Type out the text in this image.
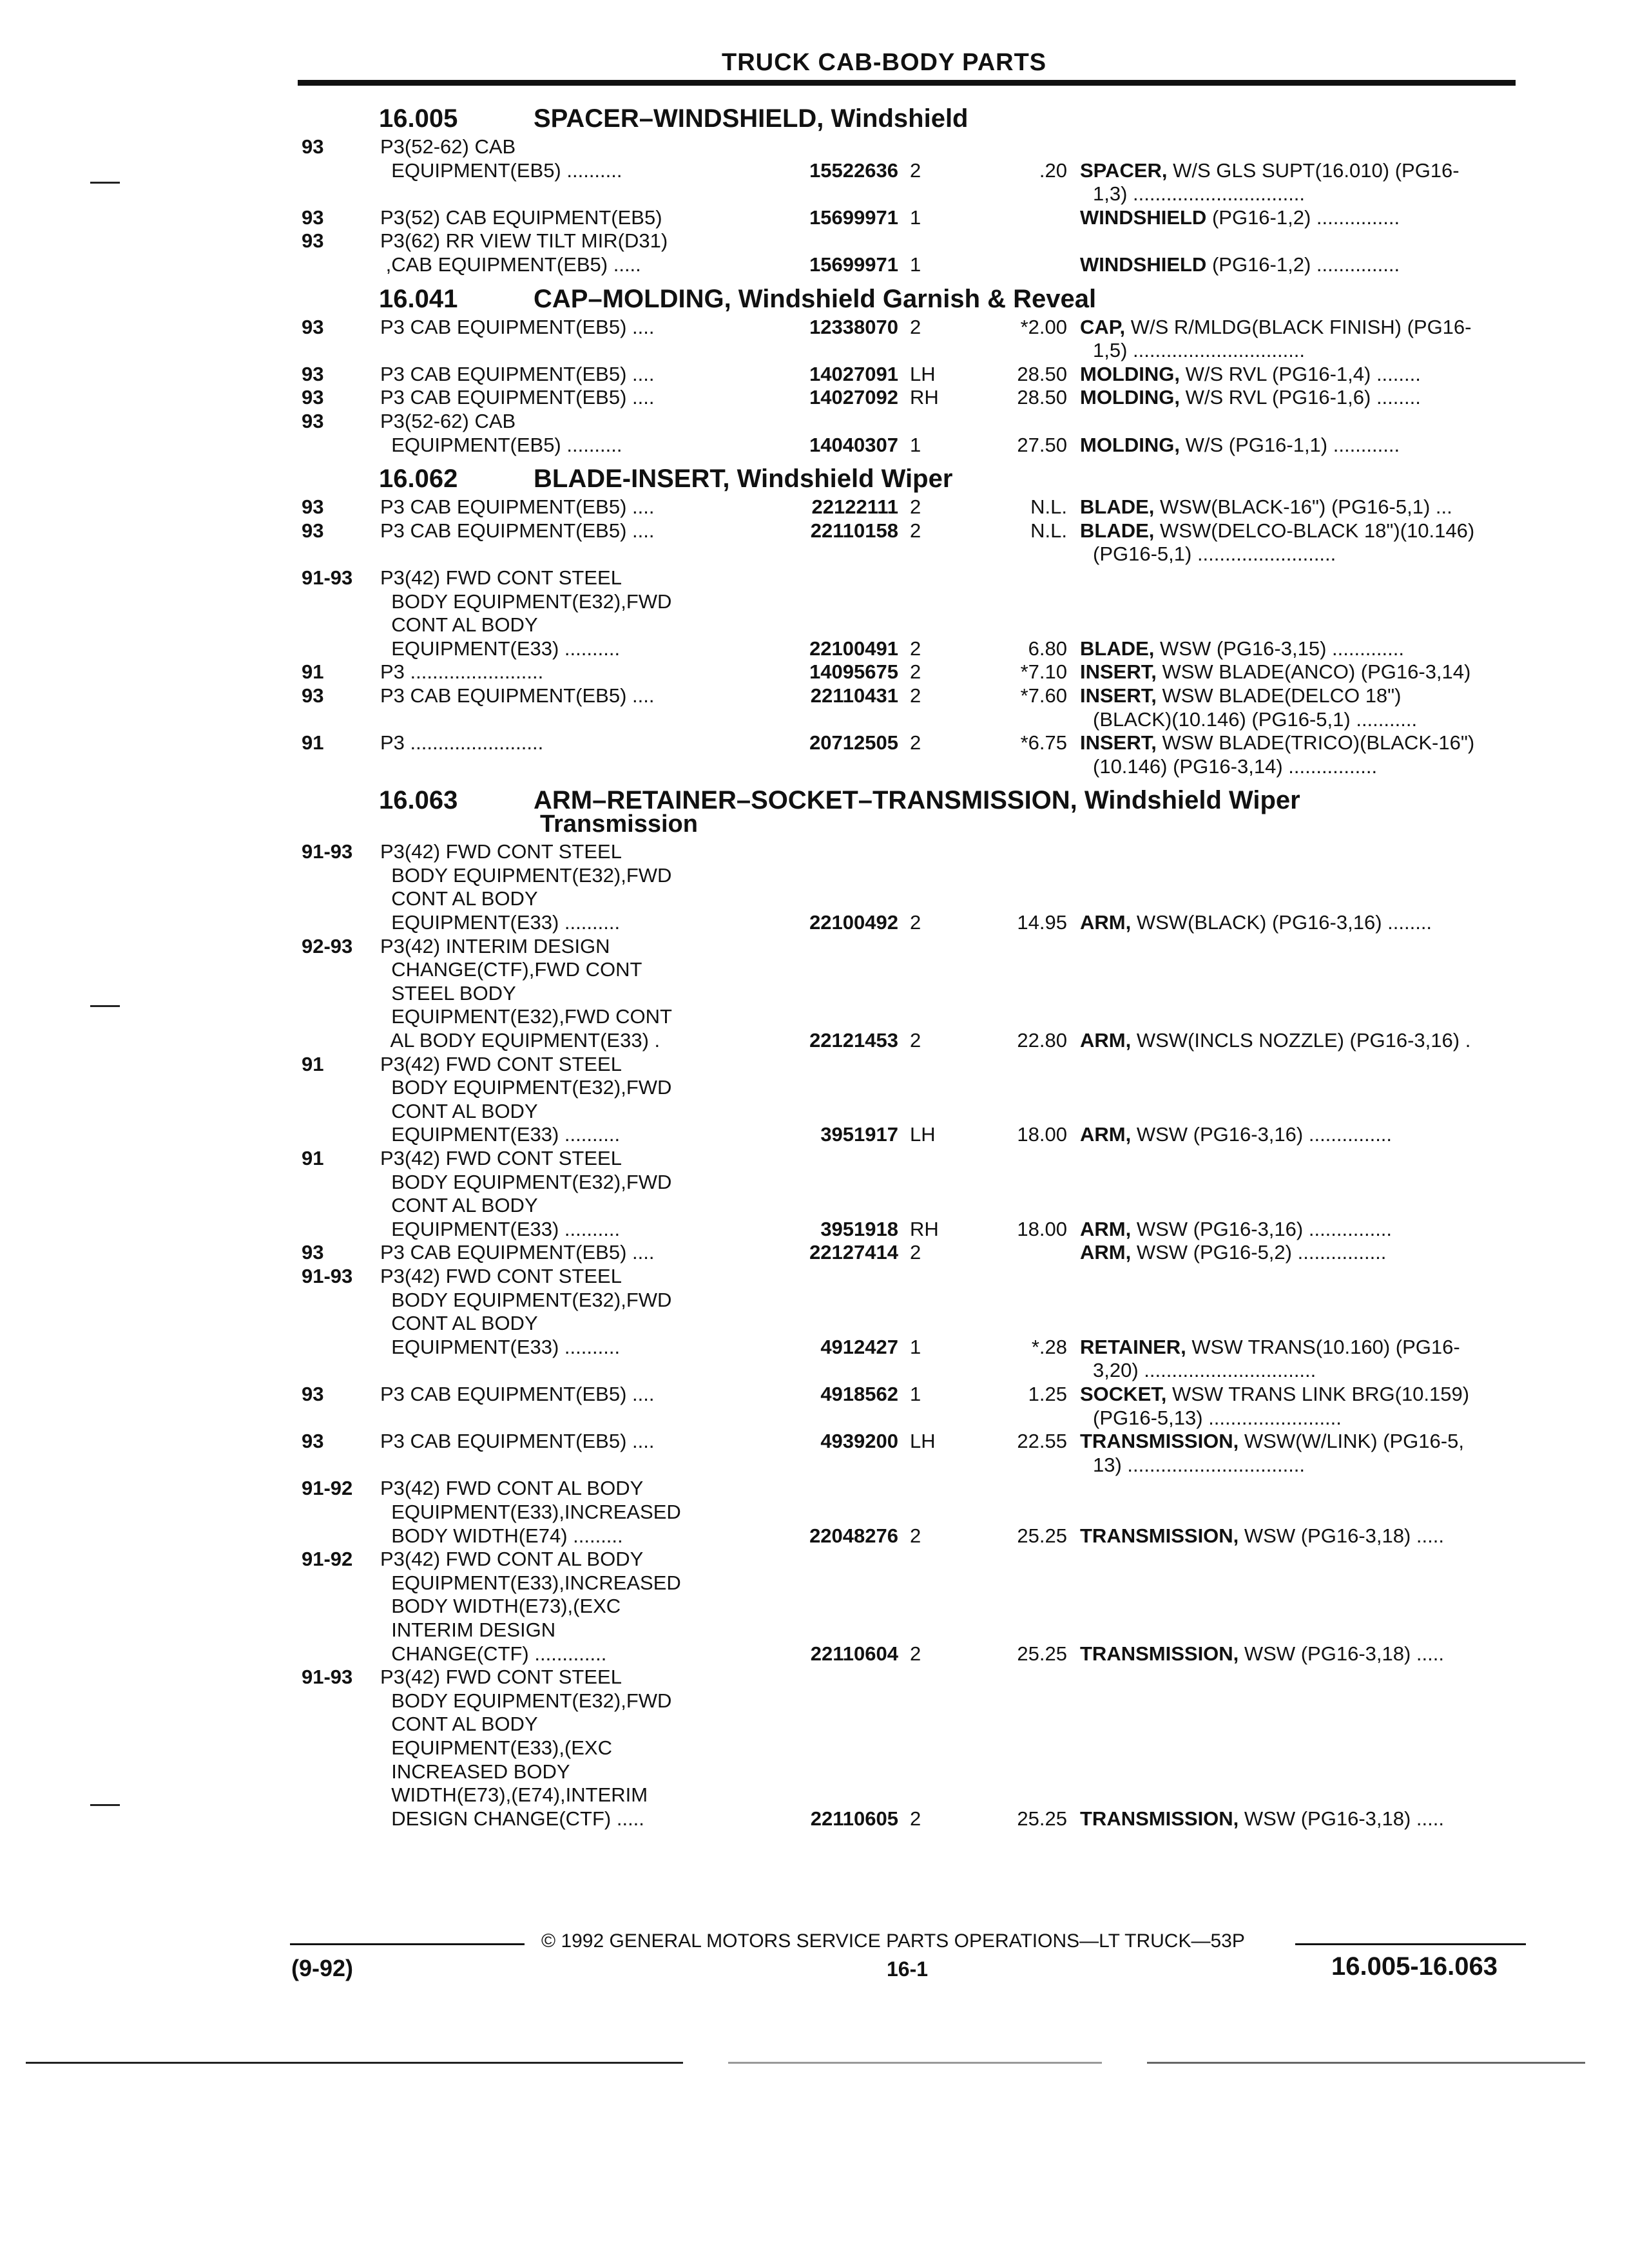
TRUCK CAB-BODY PARTS
16.005	SPACER–WINDSHIELD, Windshield
93	P3(52-62) CAB
EQUIPMENT(EB5) ..........	15522636 2	.20 SPACER, W/S GLS SUPT(16.010) (PG16-
1,3) ...............................
93	P3(52) CAB EQUIPMENT(EB5)	15699971 1	WINDSHIELD (PG16-1,2) ...............
93	P3(62) RR VIEW TILT MIR(D31)
,CAB EQUIPMENT(EB5) .....	15699971 1	WINDSHIELD (PG16-1,2) ...............
16.041	CAP–MOLDING, Windshield Garnish & Reveal
93	P3 CAB EQUIPMENT(EB5) ....	12338070 2	*2.00 CAP, W/S R/MLDG(BLACK FINISH) (PG16-
1,5) ...............................
93	P3 CAB EQUIPMENT(EB5) ....	14027091 LH	28.50 MOLDING, W/S RVL (PG16-1,4) ........
93	P3 CAB EQUIPMENT(EB5) ....	14027092 RH	28.50 MOLDING, W/S RVL (PG16-1,6) ........
93	P3(52-62) CAB
EQUIPMENT(EB5) ..........	14040307 1	27.50 MOLDING, W/S (PG16-1,1) ............
16.062	BLADE-INSERT, Windshield Wiper
93	P3 CAB EQUIPMENT(EB5) ....	22122111 2	N.L. BLADE, WSW(BLACK-16") (PG16-5,1) ...
93	P3 CAB EQUIPMENT(EB5) ....	22110158 2	N.L. BLADE, WSW(DELCO-BLACK 18")(10.146)
(PG16-5,1) .........................
91-93 P3(42) FWD CONT STEEL
BODY EQUIPMENT(E32),FWD
CONT AL BODY
EQUIPMENT(E33) ..........	22100491 2	6.80 BLADE, WSW (PG16-3,15) .............
91	P3 ........................	14095675 2	*7.10 INSERT, WSW BLADE(ANCO) (PG16-3,14)
93	P3 CAB EQUIPMENT(EB5) ....	22110431 2	*7.60 INSERT, WSW BLADE(DELCO 18")
(BLACK)(10.146) (PG16-5,1) ...........
91	P3 ........................	20712505 2	*6.75 INSERT, WSW BLADE(TRICO)(BLACK-16")
(10.146) (PG16-3,14) ................
16.063	ARM–RETAINER–SOCKET–TRANSMISSION, Windshield Wiper
Transmission
91-93 P3(42) FWD CONT STEEL
BODY EQUIPMENT(E32),FWD
CONT AL BODY
EQUIPMENT(E33) ..........	22100492 2	14.95 ARM, WSW(BLACK) (PG16-3,16) ........
92-93 P3(42) INTERIM DESIGN
CHANGE(CTF),FWD CONT
STEEL BODY
EQUIPMENT(E32),FWD CONT
AL BODY EQUIPMENT(E33) .	22121453 2	22.80 ARM, WSW(INCLS NOZZLE) (PG16-3,16) .
91	P3(42) FWD CONT STEEL
BODY EQUIPMENT(E32),FWD
CONT AL BODY
EQUIPMENT(E33) ..........	3951917 LH	18.00 ARM, WSW (PG16-3,16) ...............
91	P3(42) FWD CONT STEEL
BODY EQUIPMENT(E32),FWD
CONT AL BODY
EQUIPMENT(E33) ..........	3951918 RH	18.00 ARM, WSW (PG16-3,16) ...............
93	P3 CAB EQUIPMENT(EB5) ....	22127414 2	ARM, WSW (PG16-5,2) ................
91-93 P3(42) FWD CONT STEEL
BODY EQUIPMENT(E32),FWD
CONT AL BODY
EQUIPMENT(E33) ..........	4912427 1	*.28 RETAINER, WSW TRANS(10.160) (PG16-
3,20) ...............................
93	P3 CAB EQUIPMENT(EB5) ....	4918562 1	1.25 SOCKET, WSW TRANS LINK BRG(10.159)
(PG16-5,13) ........................
93	P3 CAB EQUIPMENT(EB5) ....	4939200 LH	22.55 TRANSMISSION, WSW(W/LINK) (PG16-5,
13) ................................
91-92 P3(42) FWD CONT AL BODY
EQUIPMENT(E33),INCREASED
BODY WIDTH(E74) .........	22048276 2	25.25 TRANSMISSION, WSW (PG16-3,18) .....
91-92 P3(42) FWD CONT AL BODY
EQUIPMENT(E33),INCREASED
BODY WIDTH(E73),(EXC
INTERIM DESIGN
CHANGE(CTF) .............	22110604 2	25.25 TRANSMISSION, WSW (PG16-3,18) .....
91-93 P3(42) FWD CONT STEEL
BODY EQUIPMENT(E32),FWD
CONT AL BODY
EQUIPMENT(E33),(EXC
INCREASED BODY
WIDTH(E73),(E74),INTERIM
DESIGN CHANGE(CTF) .....	22110605 2	25.25 TRANSMISSION, WSW (PG16-3,18) .....
© 1992 GENERAL MOTORS SERVICE PARTS OPERATIONS—LT TRUCK—53P
(9-92)	16-1	16.005-16.063
